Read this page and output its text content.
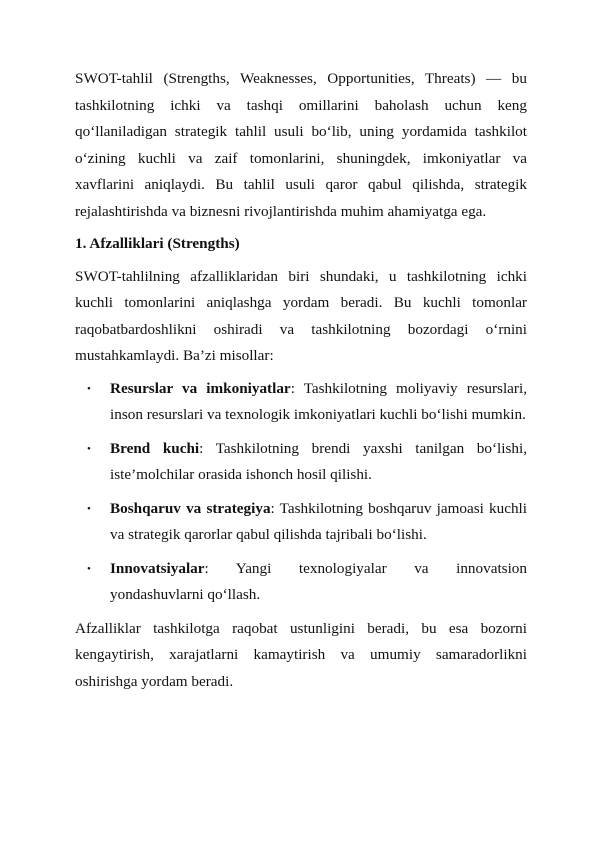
SWOT-tahlil (Strengths, Weaknesses, Opportunities, Threats) — bu tashkilotning ichki va tashqi omillarini baholash uchun keng qo‘llaniladigan strategik tahlil usuli bo‘lib, uning yordamida tashkilot o‘zining kuchli va zaif tomonlarini, shuningdek, imkoniyatlar va xavflarini aniqlaydi. Bu tahlil usuli qaror qabul qilishda, strategik rejalashtirishda va biznesni rivojlantirishda muhim ahamiyatga ega.

1. Afzalliklari (Strengths)

SWOT-tahlilning afzalliklaridan biri shundaki, u tashkilotning ichki kuchli tomonlarini aniqlashga yordam beradi. Bu kuchli tomonlar raqobatbardoshlikni oshiradi va tashkilotning bozordagi o‘rnini mustahkamlaydi. Ba’zi misollar:

• Resurslar va imkoniyatlar: Tashkilotning moliyaviy resurslari, inson resurslari va texnologik imkoniyatlari kuchli bo‘lishi mumkin.
• Brend kuchi: Tashkilotning brendi yaxshi tanilgan bo‘lishi, iste’molchilar orasida ishonch hosil qilishi.
• Boshqaruv va strategiya: Tashkilotning boshqaruv jamoasi kuchli va strategik qarorlar qabul qilishda tajribali bo‘lishi.
• Innovatsiyalar: Yangi texnologiyalar va innovatsion yondashuvlarni qo‘llash.

Afzalliklar tashkilotga raqobat ustunligini beradi, bu esa bozorni kengaytirish, xarajatlarni kamaytirish va umumiy samaradorlikni oshirishga yordam beradi.
